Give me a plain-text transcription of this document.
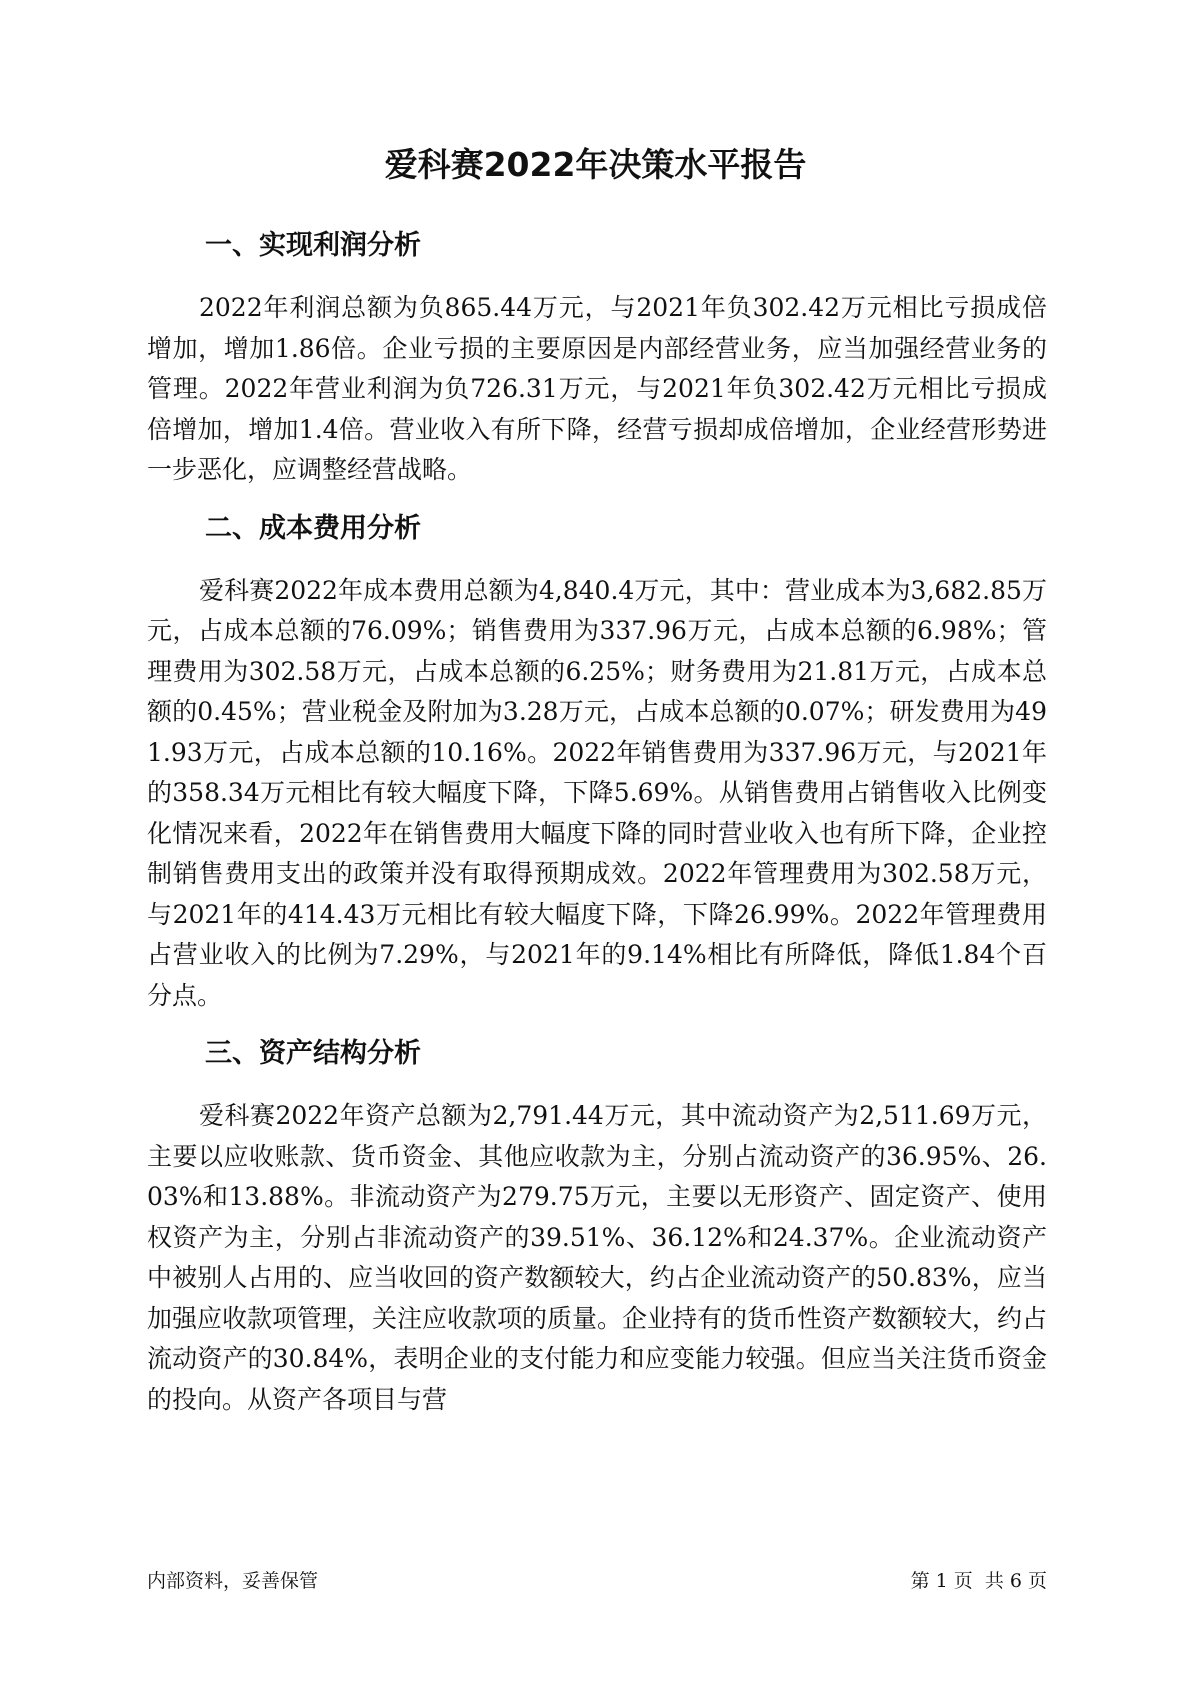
爱科赛2022年决策水平报告
一、实现利润分析

2022年利润总额为负865.44万元，与2021年负302.42万元相比亏损成倍增加，增加1.86倍。企业亏损的主要原因是内部经营业务，应当加强经营业务的管理。2022年营业利润为负726.31万元，与2021年负302.42万元相比亏损成倍增加，增加1.4倍。营业收入有所下降，经营亏损却成倍增加，企业经营形势进一步恶化，应调整经营战略。

二、成本费用分析

爱科赛2022年成本费用总额为4,840.4万元，其中：营业成本为3,682.85万元，占成本总额的76.09%；销售费用为337.96万元，占成本总额的6.98%；管理费用为302.58万元，占成本总额的6.25%；财务费用为21.81万元，占成本总额的0.45%；营业税金及附加为3.28万元，占成本总额的0.07%；研发费用为491.93万元，占成本总额的10.16%。2022年销售费用为337.96万元，与2021年的358.34万元相比有较大幅度下降，下降5.69%。从销售费用占销售收入比例变化情况来看，2022年在销售费用大幅度下降的同时营业收入也有所下降，企业控制销售费用支出的政策并没有取得预期成效。2022年管理费用为302.58万元，与2021年的414.43万元相比有较大幅度下降，下降26.99%。2022年管理费用占营业收入的比例为7.29%，与2021年的9.14%相比有所降低，降低1.84个百分点。

三、资产结构分析

爱科赛2022年资产总额为2,791.44万元，其中流动资产为2,511.69万元，主要以应收账款、货币资金、其他应收款为主，分别占流动资产的36.95%、26.03%和13.88%。非流动资产为279.75万元，主要以无形资产、固定资产、使用权资产为主，分别占非流动资产的39.51%、36.12%和24.37%。企业流动资产中被别人占用的、应当收回的资产数额较大，约占企业流动资产的50.83%，应当加强应收款项管理，关注应收款项的质量。企业持有的货币性资产数额较大，约占流动资产的30.84%，表明企业的支付能力和应变能力较强。但应当关注货币资金的投向。从资产各项目与营

内部资料，妥善保管	第 1 页 共 6 页
